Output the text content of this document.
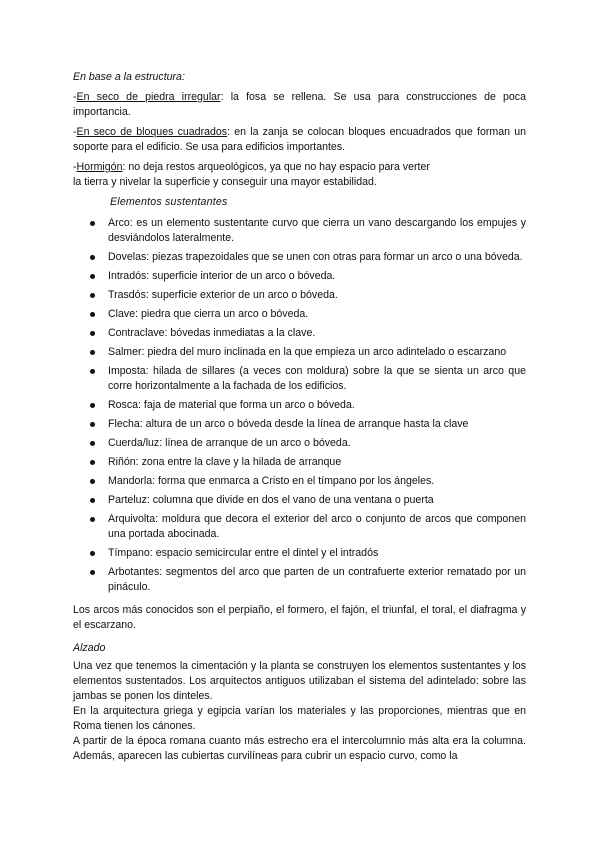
En base a la estructura:

-En seco de piedra irregular: la fosa se rellena. Se usa para construcciones de poca importancia.

-En seco de bloques cuadrados: en la zanja se colocan bloques encuadrados que forman un soporte para el edificio. Se usa para edificios importantes.

-Hormigón: no deja restos arqueológicos, ya que no hay espacio para verter
la tierra y nivelar la superficie y conseguir una mayor estabilidad.

Elementos sustentantes

Arco: es un elemento sustentante curvo que cierra un vano descargando los empujes y desviándolos lateralmente.
Dovelas: piezas trapezoidales que se unen con otras para formar un arco o una bóveda.
Intradós: superficie interior de un arco o bóveda.
Trasdós: superficie exterior de un arco o bóveda.
Clave: piedra que cierra un arco o bóveda.
Contraclave: bóvedas inmediatas a la clave.
Salmer: piedra del muro inclinada en la que empieza un arco adintelado o escarzano
Imposta: hilada de sillares (a veces con moldura) sobre la que se sienta un arco que corre horizontalmente a la fachada de los edificios.
Rosca: faja de material que forma un arco o bóveda.
Flecha: altura de un arco o bóveda desde la línea de arranque hasta la clave
Cuerda/luz: línea de arranque de un arco o bóveda.
Riñón: zona entre la clave y la hilada de arranque
Mandorla: forma que enmarca a Cristo en el tímpano por los ángeles.
Parteluz: columna que divide en dos el vano de una ventana o puerta
Arquivolta: moldura que decora el exterior del arco o conjunto de arcos que componen una portada abocinada.
Tímpano: espacio semicircular entre el dintel y el intradós
Arbotantes: segmentos del arco que parten de un contrafuerte exterior rematado por un pináculo.

Los arcos más conocidos son el perpiaño, el formero, el fajón, el triunfal, el toral, el diafragma y el escarzano.

Alzado

Una vez que tenemos la cimentación y la planta se construyen los elementos sustentantes y los elementos sustentados. Los arquitectos antiguos utilizaban el sistema del adintelado: sobre las jambas se ponen los dinteles.

En la arquitectura griega y egipcia varían los materiales y las proporciones, mientras que en Roma tienen los cánones.

A partir de la época romana cuanto más estrecho era el intercolumnio más alta era la columna. Además, aparecen las cubiertas curvilíneas para cubrir un espacio curvo, como la
